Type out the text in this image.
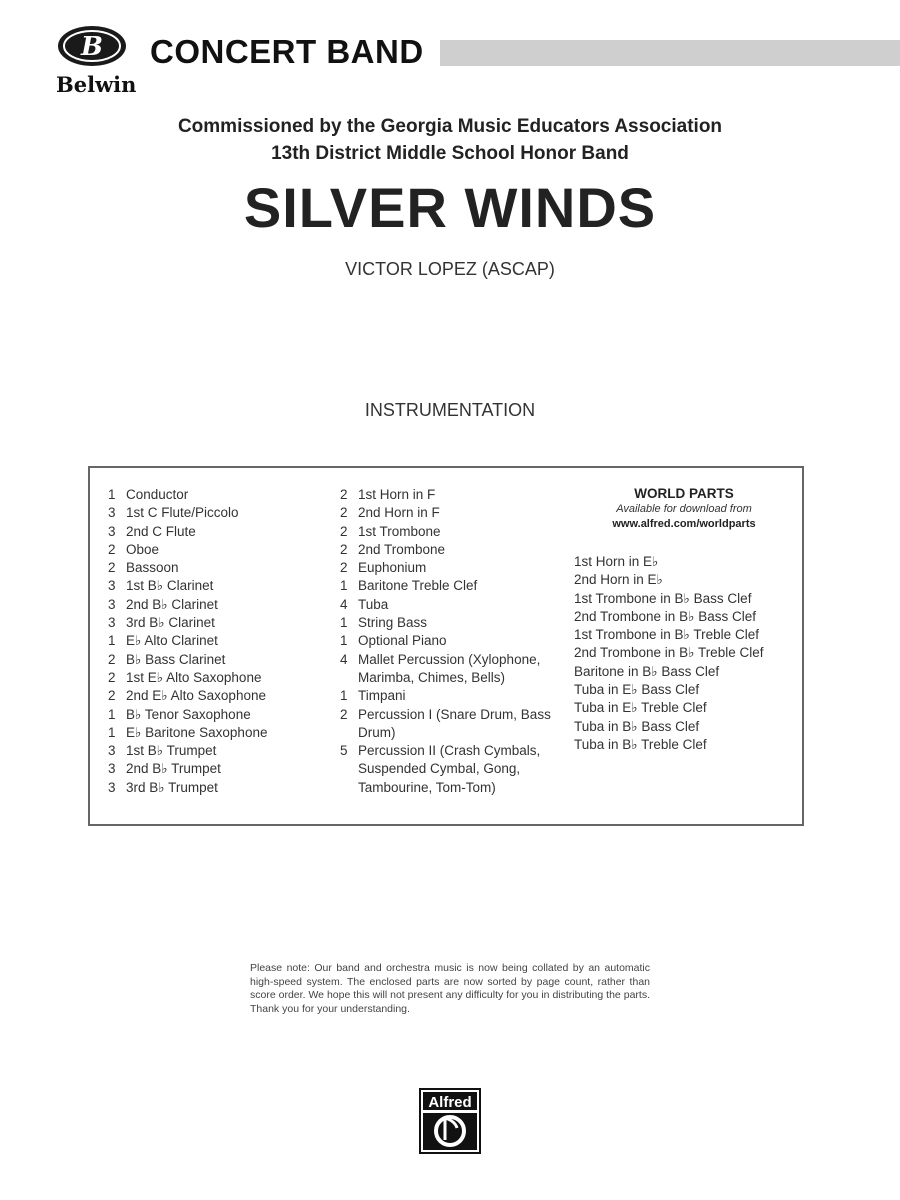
B
Belwin
CONCERT BAND
Commissioned by the Georgia Music Educators Association
13th District Middle School Honor Band
SILVER WINDS
VICTOR LOPEZ (ASCAP)
INSTRUMENTATION
1 Conductor
3 1st C Flute/Piccolo
3 2nd C Flute
2 Oboe
2 Bassoon
3 1st B♭ Clarinet
3 2nd B♭ Clarinet
3 3rd B♭ Clarinet
1 E♭ Alto Clarinet
2 B♭ Bass Clarinet
2 1st E♭ Alto Saxophone
2 2nd E♭ Alto Saxophone
1 B♭ Tenor Saxophone
1 E♭ Baritone Saxophone
3 1st B♭ Trumpet
3 2nd B♭ Trumpet
3 3rd B♭ Trumpet
2 1st Horn in F
2 2nd Horn in F
2 1st Trombone
2 2nd Trombone
2 Euphonium
1 Baritone Treble Clef
4 Tuba
1 String Bass
1 Optional Piano
4 Mallet Percussion (Xylophone, Marimba, Chimes, Bells)
1 Timpani
2 Percussion I (Snare Drum, Bass Drum)
5 Percussion II (Crash Cymbals, Suspended Cymbal, Gong, Tambourine, Tom-Tom)
WORLD PARTS
Available for download from
www.alfred.com/worldparts
1st Horn in E♭
2nd Horn in E♭
1st Trombone in B♭ Bass Clef
2nd Trombone in B♭ Bass Clef
1st Trombone in B♭ Treble Clef
2nd Trombone in B♭ Treble Clef
Baritone in B♭ Bass Clef
Tuba in E♭ Bass Clef
Tuba in E♭ Treble Clef
Tuba in B♭ Bass Clef
Tuba in B♭ Treble Clef
Please note: Our band and orchestra music is now being collated by an automatic high-speed system. The enclosed parts are now sorted by page count, rather than score order. We hope this will not present any difficulty for you in distributing the parts. Thank you for your understanding.
Alfred
